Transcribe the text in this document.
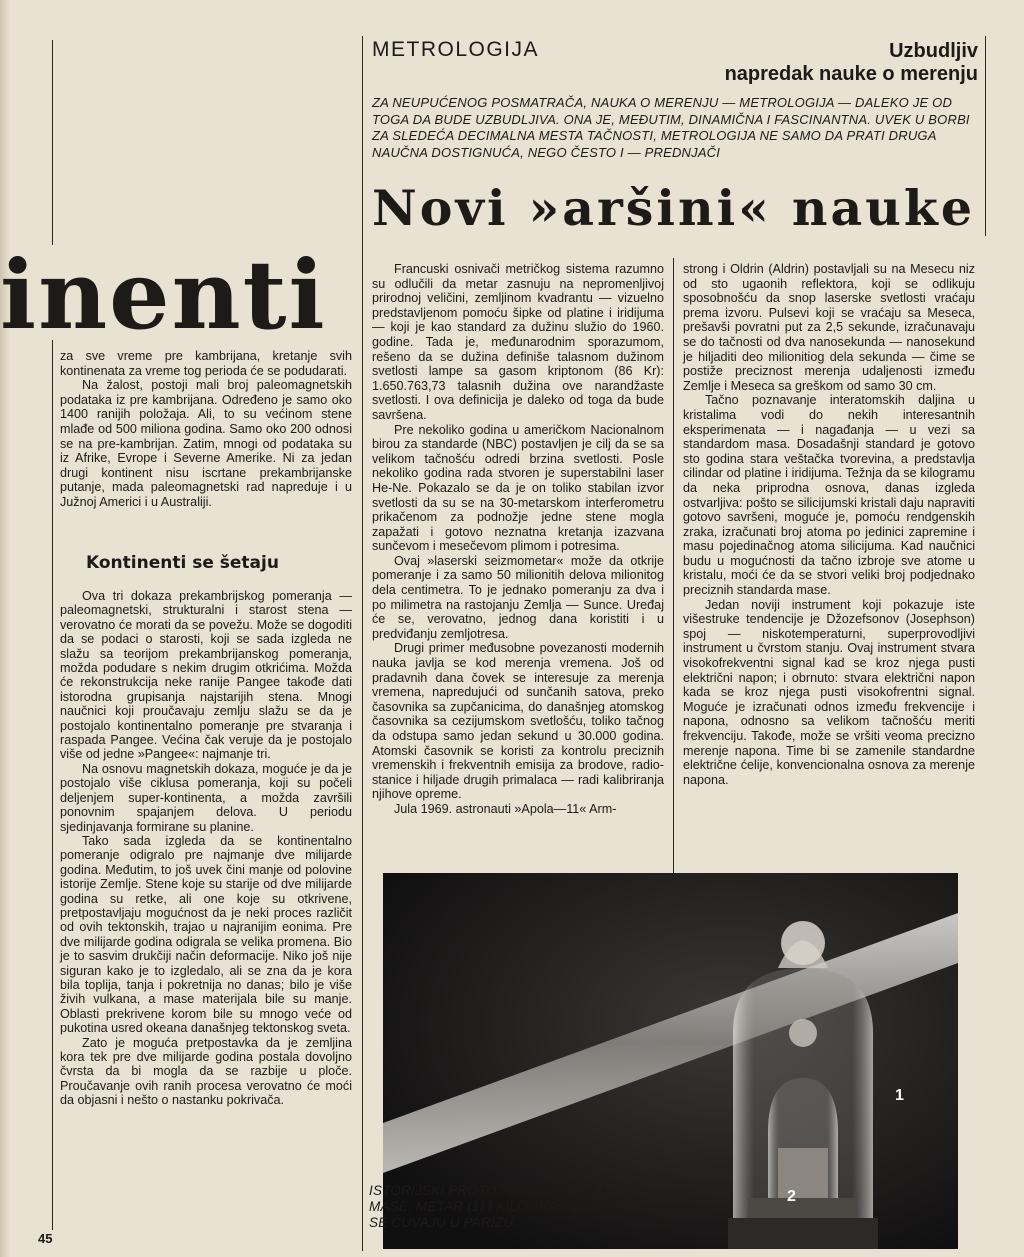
inenti

za sve vreme pre kambrijana, kretanje svih kontinenata za vreme tog perioda će se podudarati.

Na žalost, postoji mali broj paleomagnetskih podataka iz pre kambrijana. Određeno je samo oko 1400 ranijih položaja. Ali, to su većinom stene mlađe od 500 miliona godina. Samo oko 200 odnosi se na pre-kambrijan. Zatim, mnogi od podataka su iz Afrike, Evrope i Severne Amerike. Ni za jedan drugi kontinent nisu iscrtane prekambrijanske putanje, mada paleomagnetski rad napreduje i u Južnoj Americi i u Australiji.

Kontinenti se šetaju

Ova tri dokaza prekambrijskog pomeranja — paleomagnetski, strukturalni i starost stena — verovatno će morati da se povežu. Može se dogoditi da se podaci o starosti, koji se sada izgleda ne slažu sa teorijom prekambrijanskog pomeranja, možda podudare s nekim drugim otkrićima. Možda će rekonstrukcija neke ranije Pangee takođe dati istorodna grupisanja najstarijih stena. Mnogi naučnici koji proučavaju zemlju slažu se da je postojalo kontinentalno pomeranje pre stvaranja i raspada Pangee. Većina čak veruje da je postojalo više od jedne »Pangee«: najmanje tri.

Na osnovu magnetskih dokaza, moguće je da je postojalo više ciklusa pomeranja, koji su počeli deljenjem super-kontinenta, a možda završili ponovnim spajanjem delova. U periodu sjedinjavanja formirane su planine.

Tako sada izgleda da se kontinentalno pomeranje odigralo pre najmanje dve milijarde godina. Međutim, to još uvek čini manje od polovine istorije Zemlje. Stene koje su starije od dve milijarde godina su retke, ali one koje su otkrivene, pretpostavljaju mogućnost da je neki proces različit od ovih tektonskih, trajao u najranijim eonima. Pre dve milijarde godina odigrala se velika promena. Bio je to sasvim drukčiji način deformacije. Niko još nije siguran kako je to izgledalo, ali se zna da je kora bila toplija, tanja i pokretnija no danas; bilo je više živih vulkana, a mase materijala bile su manje. Oblasti prekrivene korom bile su mnogo veće od pukotina usred okeana današnjeg tektonskog sveta.

Zato je moguća pretpostavka da je zemljina kora tek pre dve milijarde godina postala dovoljno čvrsta da bi mogla da se razbije u ploče. Proučavanje ovih ranih procesa verovatno će moći da objasni i nešto o nastanku pokrivača.

45
METROLOGIJA	Uzbudljiv
napredak nauke o merenju
ZA NEUPUĆENOG POSMATRAČA, NAUKA O MERENJU — METROLOGIJA — DALEKO JE OD TOGA DA BUDE UZBUDLJIVA. ONA JE, MEĐUTIM, DINAMIČNA I FASCINANTNA. UVEK U BORBI ZA SLEDEĆA DECIMALNA MESTA TAČNOSTI, METROLOGIJA NE SAMO DA PRATI DRUGA NAUČNA DOSTIGNUĆA, NEGO ČESTO I — PREDNJAČI
Novi »aršini« nauke

Francuski osnivači metričkog sistema razumno su odlučili da metar zasnuju na nepromenljivoj prirodnoj veličini, zemljinom kvadrantu — vizuelno predstavljenom pomoću šipke od platine i iridijuma — koji je kao standard za dužinu služio do 1960. godine. Tada je, međunarodnim sporazumom, rešeno da se dužina definiše talasnom dužinom svetlosti lampe sa gasom kriptonom (86 Kr): 1.650.763,73 talasnih dužina ove narandžaste svetlosti. I ova definicija je daleko od toga da bude savršena.

Pre nekoliko godina u američkom Nacionalnom birou za standarde (NBC) postavljen je cilj da se sa velikom tačnošću odredi brzina svetlosti. Posle nekoliko godina rada stvoren je superstabilni laser He-Ne. Pokazalo se da je on toliko stabilan izvor svetlosti da su se na 30-metarskom interferometru prikačenom za podnožje jedne stene mogla zapažati i gotovo neznatna kretanja izazvana sunčevom i mesečevom plimom i potresima.

Ovaj »laserski seizmometar« može da otkrije pomeranje i za samo 50 milionitih delova milionitog dela centimetra. To je jednako pomeranju za dva i po milimetra na rastojanju Zemlja — Sunce. Uređaj će se, verovatno, jednog dana koristiti i u predviđanju zemljotresa.

Drugi primer međusobne povezanosti modernih nauka javlja se kod merenja vremena. Još od pradavnih dana čovek se interesuje za merenja vremena, napredujući od sunčanih satova, preko časovnika sa zupčanicima, do današnjeg atomskog časovnika sa cezijumskom svetlošću, toliko tačnog da odstupa samo jedan sekund u 30.000 godina. Atomski časovnik se koristi za kontrolu preciznih vremenskih i frekventnih emisija za brodove, radio-stanice i hiljade drugih primalaca — radi kalibriranja njihove opreme.

Jula 1969. astronauti »Apola—11« Arm-

strong i Oldrin (Aldrin) postavljali su na Mesecu niz od sto ugaonih reflektora, koji se odlikuju sposobnošću da snop laserske svetlosti vraćaju prema izvoru. Pulsevi koji se vraćaju sa Meseca, prešavši povratni put za 2,5 sekunde, izračunavaju se do tačnosti od dva nanosekunda — nanosekund je hiljaditi deo milionitiog dela sekunda — čime se postiže preciznost merenja udaljenosti između Zemlje i Meseca sa greškom od samo 30 cm.

Tačno poznavanje interatomskih daljina u kristalima vodi do nekih interesantnih eksperimenata — i nagađanja — u vezi sa standardom masa. Dosadašnji standard je gotovo sto godina stara veštačka tvorevina, a predstavlja cilindar od platine i iridijuma. Težnja da se kilogramu da neka priprodna osnova, danas izgleda ostvarljiva: pošto se silicijumski kristali daju napraviti gotovo savršeni, moguće je, pomoću rendgenskih zraka, izračunati broj atoma po jedinici zapremine i masu pojedinačnog atoma silicijuma. Kad naučnici budu u mogućnosti da tačno izbroje sve atome u kristalu, moći će da se stvori veliki broj podjednako preciznih standarda mase.

Jedan noviji instrument koji pokazuje iste višestruke tendencije je Džozefsonov (Josephson) spoj — niskotemperaturni, superprovodljivi instrument u čvrstom stanju. Ovaj instrument stvara visokofrekventni signal kad se kroz njega pusti električni napon; i obrnuto: stvara električni napon kada se kroz njega pusti visokofrentni signal. Moguće je izračunati odnos između frekvencije i napona, odnosno sa velikom tačnošću meriti frekvenciju. Takođe, može se vršiti veoma precizno merenje napona. Time bi se zamenile standardne električne ćelije, konvencionalna osnova za merenje napona.

1
2
ISTORIJSKI PROTOTIPOVI DUŽINE I MASE: METAR (1) I KILOGRAM (2), KOJI SE ČUVAJU U PARIZU
